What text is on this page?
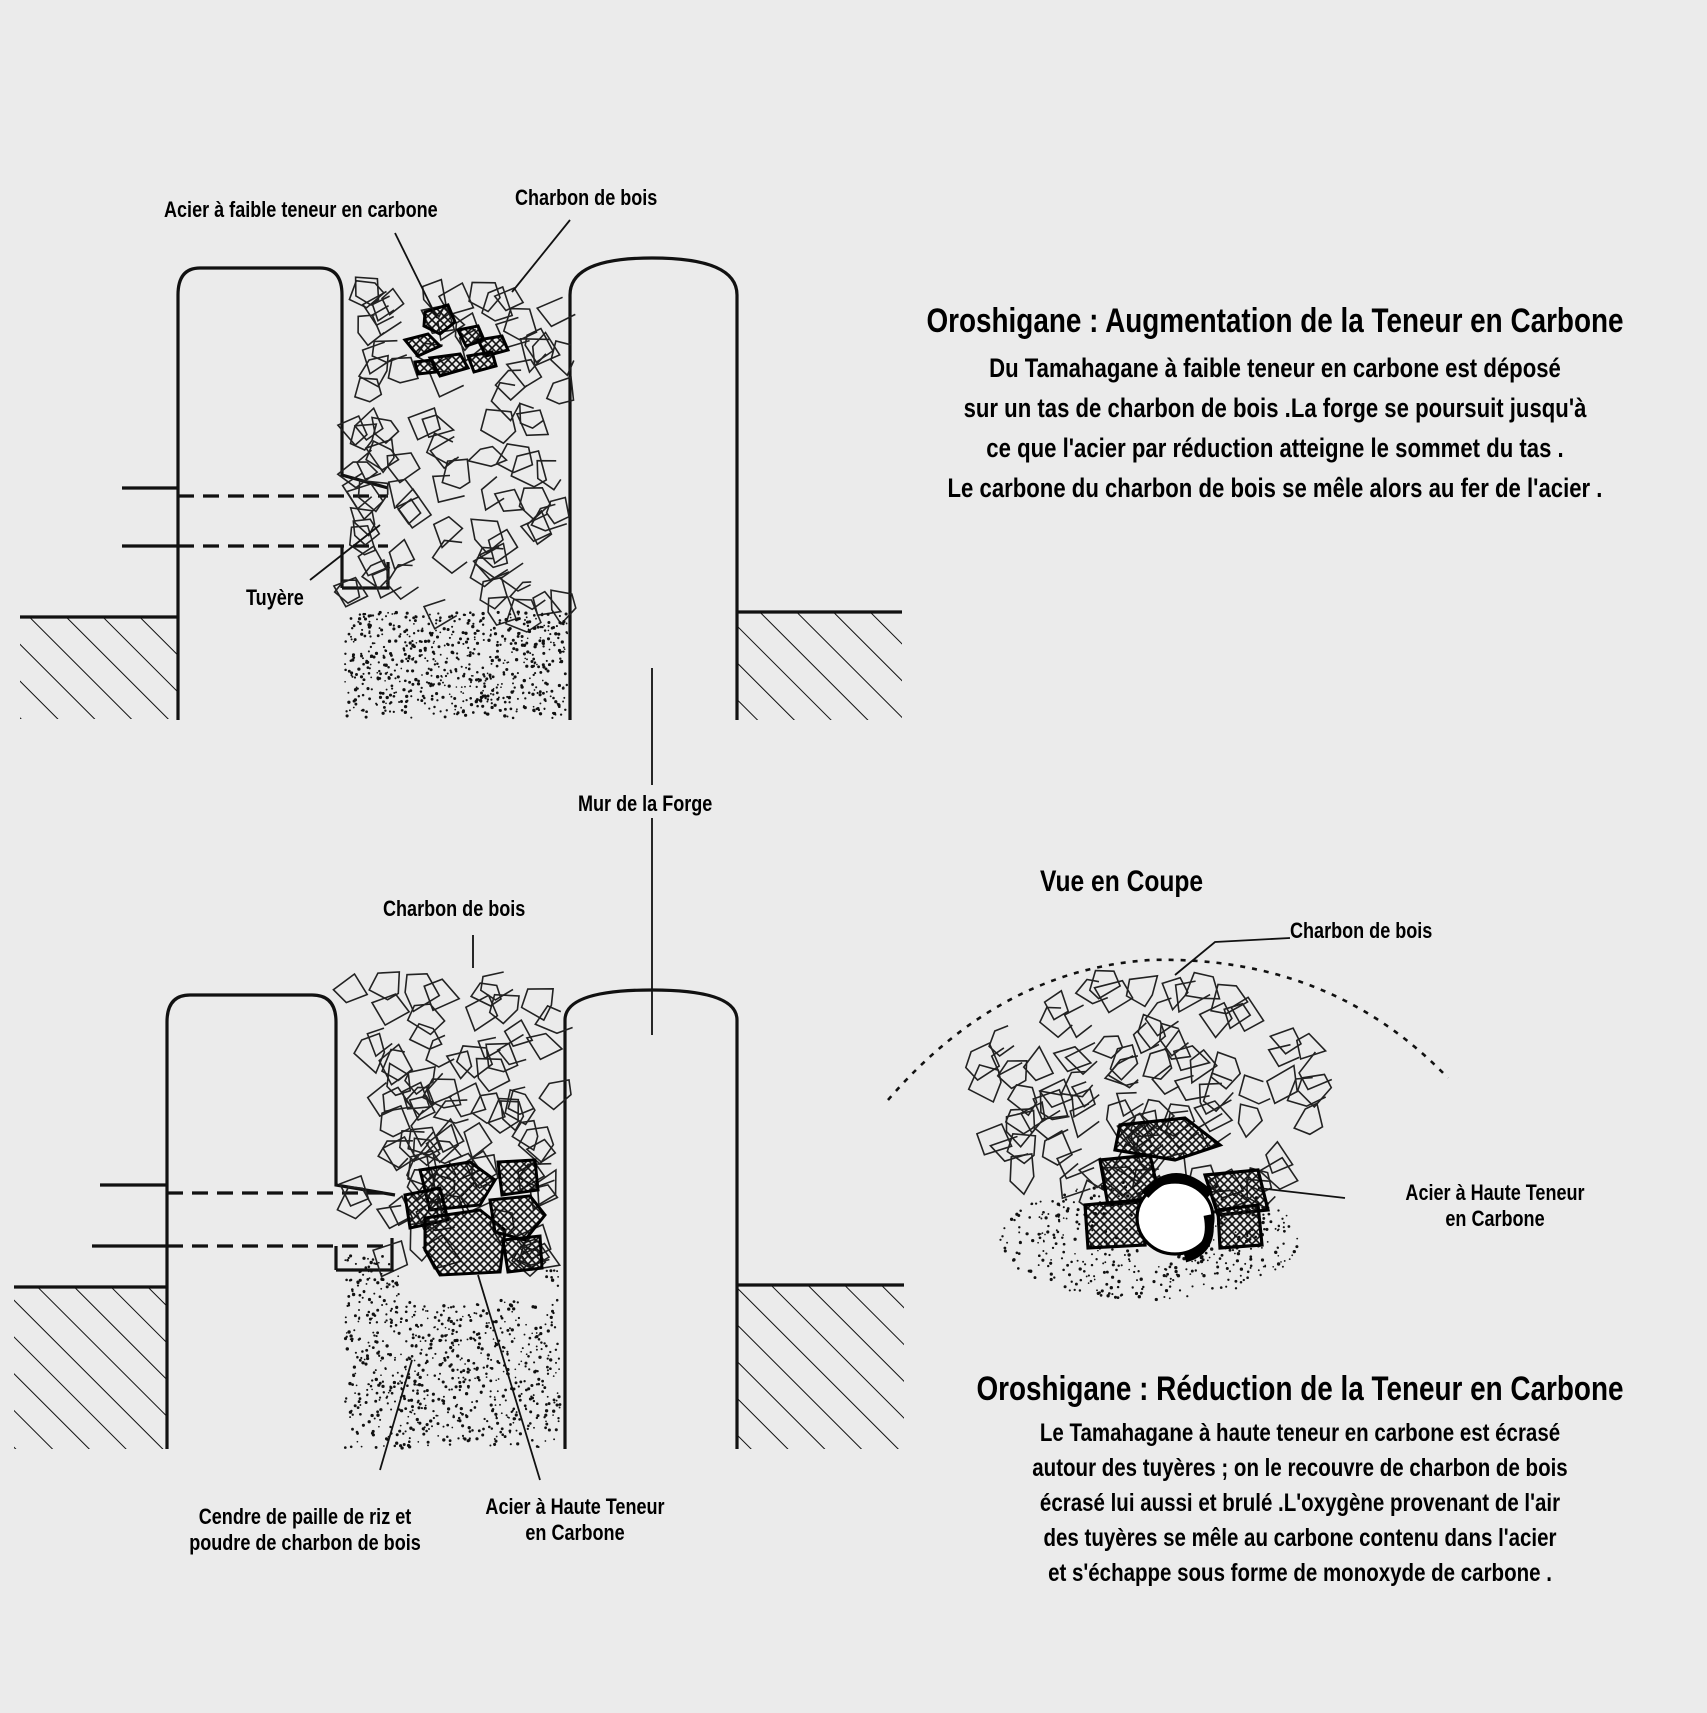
Acier à faible teneur en carbone	Charbon de bois
Tuyère
Mur de la Forge
Charbon de bois
Cendre de paille de riz et
poudre de charbon de bois
Acier à Haute Teneur
en Carbone
Vue en Coupe
Charbon de bois
Acier à Haute Teneur
en Carbone
Oroshigane : Augmentation de la Teneur en Carbone
Du Tamahagane à faible teneur en carbone est déposé
sur un tas de charbon de bois .La forge se poursuit jusqu'à
ce que l'acier par réduction atteigne le sommet du tas .
Le carbone du charbon de bois se mêle alors au fer de l'acier .
Oroshigane : Réduction de la Teneur en Carbone
Le Tamahagane à haute teneur en carbone est écrasé
autour des tuyères ; on le recouvre de charbon de bois
écrasé lui aussi et brulé .L'oxygène provenant de l'air
des tuyères se mêle au carbone contenu dans l'acier
et s'échappe sous forme de monoxyde de carbone .
